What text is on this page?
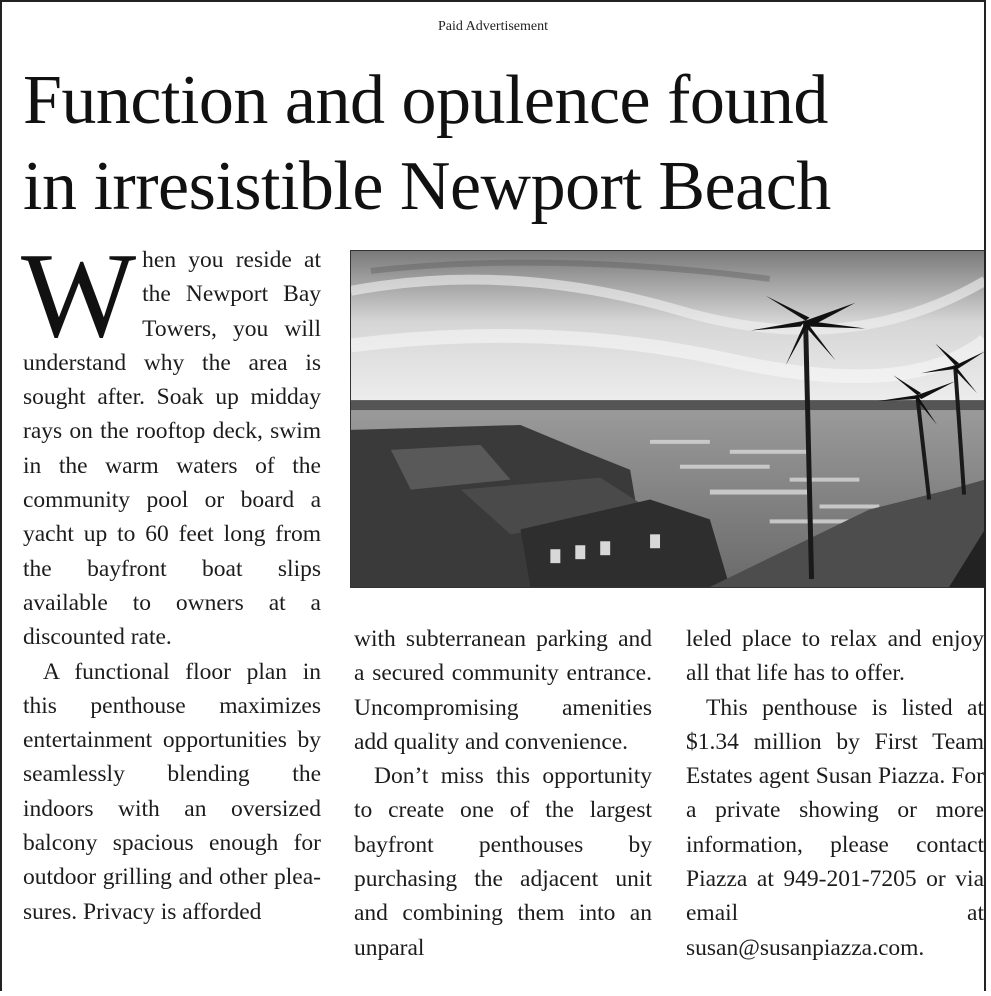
Paid Advertisement
Function and opulence found
in irresistible Newport Beach

When you reside at the Newport Bay Towers, you will understand why the area is sought after. Soak up midday rays on the rooftop deck, swim in the warm waters of the community pool or board a yacht up to 60 feet long from the bayfront boat slips available to owners at a discounted rate.

A functional floor plan in this penthouse maximizes entertainment opportunities by seamlessly blending the indoors with an oversized balcony spacious enough for outdoor grilling and other pleasures. Privacy is afforded

with subterranean parking and a secured community entrance. Uncompromising amenities add quality and convenience.

Don’t miss this opportunity to create one of the largest bayfront penthouses by purchasing the adjacent unit and combining them into an unparal

leled place to relax and enjoy all that life has to offer.

This penthouse is listed at $1.34 million by First Team Estates agent Susan Piazza. For a private showing or more information, please contact Piazza at 949-201-7205 or via email at susan@susanpiazza.com.
